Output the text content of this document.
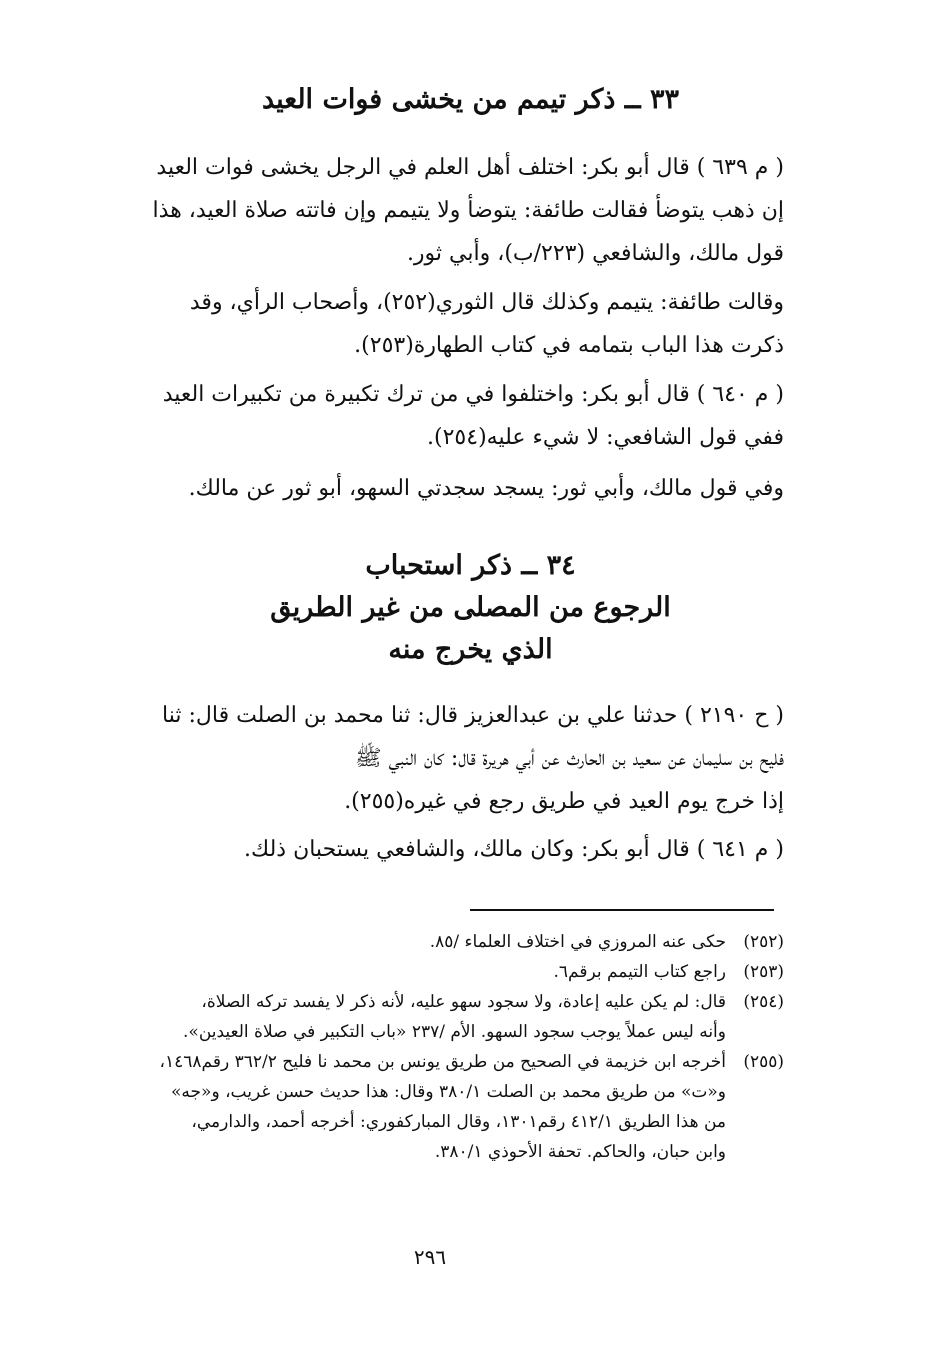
٣٣ ــ ذكر تيمم من يخشى فوات العيد
( م ٦٣٩ ) قال أبو بكر: اختلف أهل العلم في الرجل يخشى فوات العيد
إن ذهب يتوضأ فقالت طائفة: يتوضأ ولا يتيمم وإن فاتته صلاة العيد، هذا
قول مالك، والشافعي (٢٢٣/ب)، وأبي ثور.
وقالت طائفة: يتيمم وكذلك قال الثوري(٢٥٢)، وأصحاب الرأي، وقد
ذكرت هذا الباب بتمامه في كتاب الطهارة(٢٥٣).
( م ٦٤٠ ) قال أبو بكر: واختلفوا في من ترك تكبيرة من تكبيرات العيد
ففي قول الشافعي: لا شيء عليه(٢٥٤).
وفي قول مالك، وأبي ثور: يسجد سجدتي السهو، أبو ثور عن مالك.
٣٤ ــ ذكر استحباب
الرجوع من المصلى من غير الطريق
الذي يخرج منه
( ح ٢١٩٠ ) حدثنا علي بن عبدالعزيز قال: ثنا محمد بن الصلت قال: ثنا
فليح بن سليمان عن سعيد بن الحارث عن أبي هريرة قال: كان النبي ﷺ
إذا خرج يوم العيد في طريق رجع في غيره(٢٥٥).
( م ٦٤١ ) قال أبو بكر: وكان مالك، والشافعي يستحبان ذلك.
(٢٥٢)
حكى عنه المروزي في اختلاف العلماء /٨٥.
(٢٥٣)
راجع كتاب التيمم برقم٦.
(٢٥٤)
قال: لم يكن عليه إعادة، ولا سجود سهو عليه، لأنه ذكر لا يفسد تركه الصلاة،
وأنه ليس عملاً يوجب سجود السهو. الأم /٢٣٧ «باب التكبير في صلاة العيدين».
(٢٥٥)
أخرجه ابن خزيمة في الصحيح من طريق يونس بن محمد نا فليح ٣٦٢/٢ رقم١٤٦٨،
و«ت» من طريق محمد بن الصلت ٣٨٠/١ وقال: هذا حديث حسن غريب، و«جه»
من هذا الطريق ٤١٢/١ رقم١٣٠١، وقال المباركفوري: أخرجه أحمد، والدارمي،
وابن حبان، والحاكم. تحفة الأحوذي ٣٨٠/١.
٢٩٦
